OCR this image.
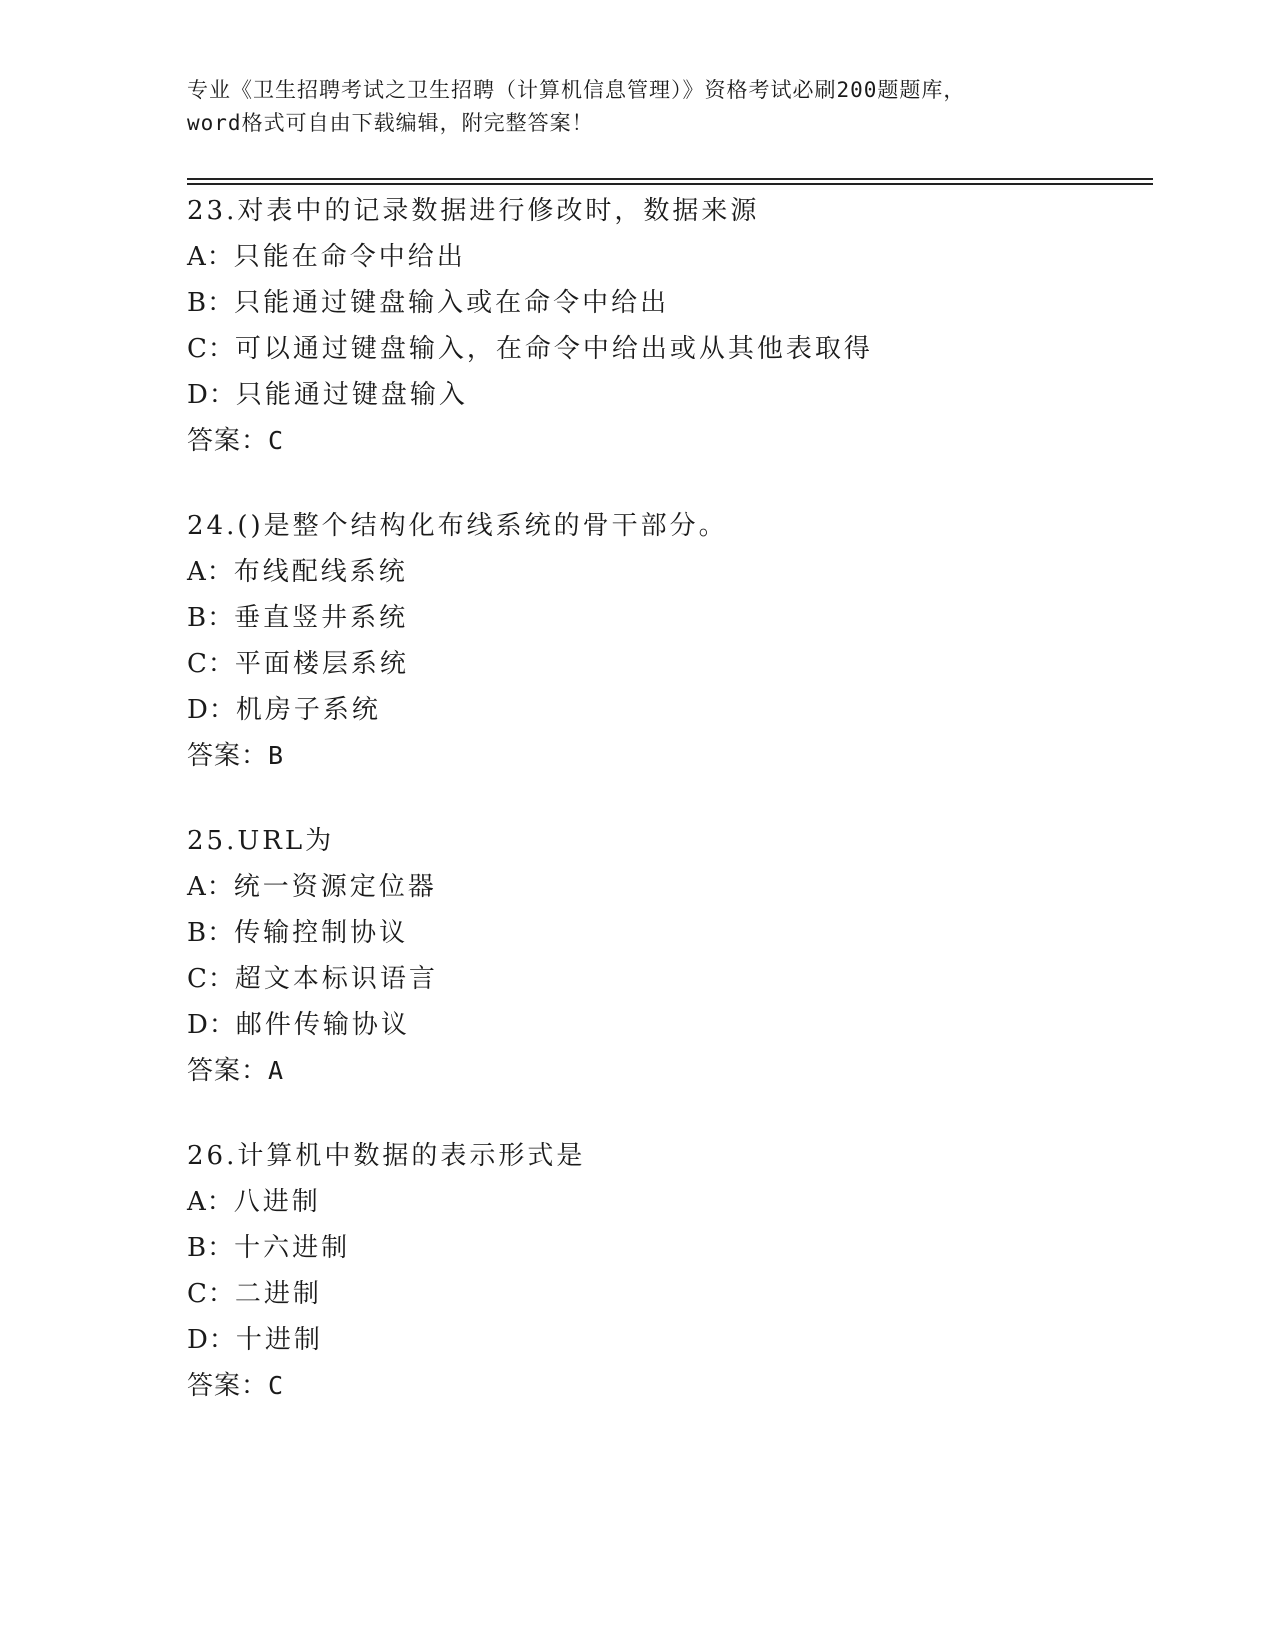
专业《卫生招聘考试之卫生招聘（计算机信息管理）》资格考试必刷200题题库，
word格式可自由下载编辑，附完整答案！
23.对表中的记录数据进行修改时，数据来源
A：只能在命令中给出
B：只能通过键盘输入或在命令中给出
C：可以通过键盘输入，在命令中给出或从其他表取得
D：只能通过键盘输入
答案：C
24.()是整个结构化布线系统的骨干部分。
A：布线配线系统
B：垂直竖井系统
C：平面楼层系统
D：机房子系统
答案：B
25.URL为
A：统一资源定位器
B：传输控制协议
C：超文本标识语言
D：邮件传输协议
答案：A
26.计算机中数据的表示形式是
A：八进制
B：十六进制
C：二进制
D：十进制
答案：C
